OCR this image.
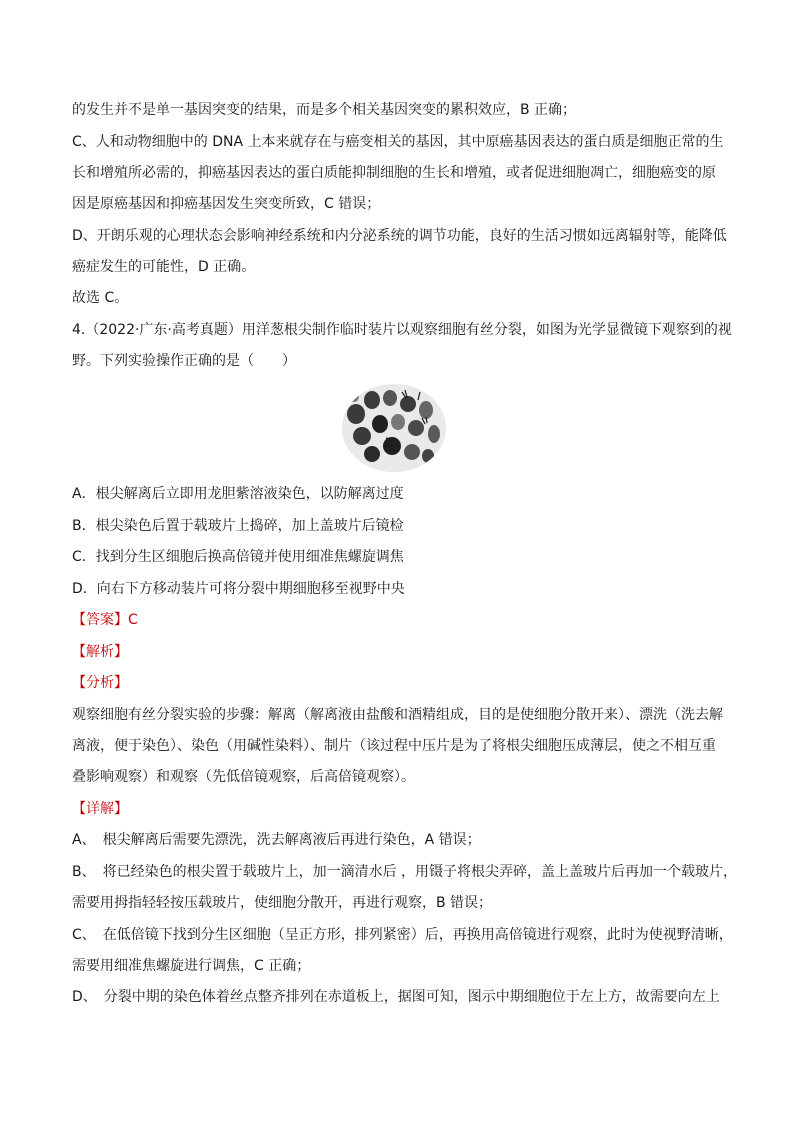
的发生并不是单一基因突变的结果，而是多个相关基因突变的累积效应，B 正确；
C、人和动物细胞中的 DNA 上本来就存在与癌变相关的基因，其中原癌基因表达的蛋白质是细胞正常的生
长和增殖所必需的，抑癌基因表达的蛋白质能抑制细胞的生长和增殖，或者促进细胞凋亡，细胞癌变的原
因是原癌基因和抑癌基因发生突变所致，C 错误；
D、开朗乐观的心理状态会影响神经系统和内分泌系统的调节功能，良好的生活习惯如远离辐射等，能降低
癌症发生的可能性，D 正确。
故选 C。
4.（2022·广东·高考真题）用洋葱根尖制作临时装片以观察细胞有丝分裂，如图为光学显微镜下观察到的视
野。下列实验操作正确的是（　　）
A．根尖解离后立即用龙胆紫溶液染色，以防解离过度
B．根尖染色后置于载玻片上捣碎，加上盖玻片后镜检
C．找到分生区细胞后换高倍镜并使用细准焦螺旋调焦
D．向右下方移动装片可将分裂中期细胞移至视野中央
【答案】C
【解析】
【分析】
观察细胞有丝分裂实验的步骤：解离（解离液由盐酸和酒精组成，目的是使细胞分散开来）、漂洗（洗去解
离液，便于染色）、染色（用碱性染料）、制片（该过程中压片是为了将根尖细胞压成薄层，使之不相互重
叠影响观察）和观察（先低倍镜观察，后高倍镜观察）。
【详解】
A、　根尖解离后需要先漂洗，洗去解离液后再进行染色，A 错误；
B、　将已经染色的根尖置于载玻片上，加一滴清水后 ，用镊子将根尖弄碎，盖上盖玻片后再加一个载玻片，
需要用拇指轻轻按压载玻片，使细胞分散开，再进行观察，B 错误；
C、　在低倍镜下找到分生区细胞（呈正方形，排列紧密）后，再换用高倍镜进行观察，此时为使视野清晰，
需要用细准焦螺旋进行调焦，C 正确；
D、　分裂中期的染色体着丝点整齐排列在赤道板上，据图可知，图示中期细胞位于左上方，故需要向左上
